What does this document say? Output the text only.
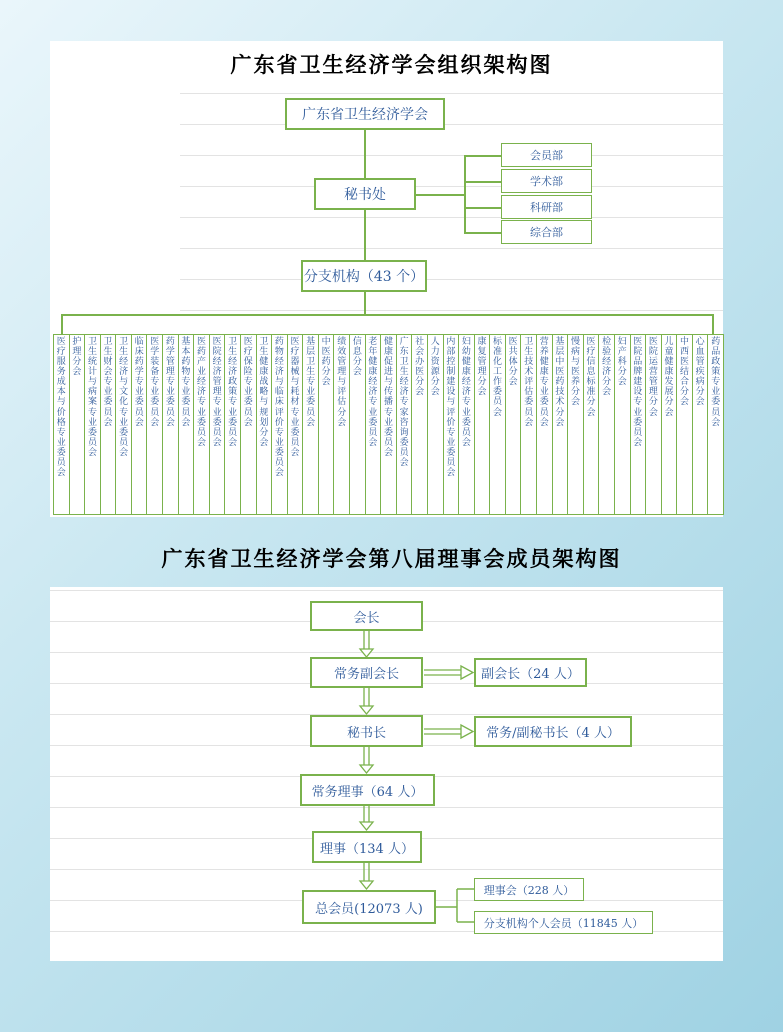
广东省卫生经济学会组织架构图
广东省卫生经济学会
秘书处
会员部
学术部
科研部
综合部
分支机构（43 个）
医
疗
服
务
成
本
与
价
格
专
业
委
员
会
护
理
分
会
卫
生
统
计
与
病
案
专
业
委
员
会
卫
生
财
会
专
业
委
员
会
卫
生
经
济
与
文
化
专
业
委
员
会
临
床
药
学
专
业
委
员
会
医
学
装
备
专
业
委
员
会
药
学
管
理
专
业
委
员
会
基
本
药
物
专
业
委
员
会
医
药
产
业
经
济
专
业
委
员
会
医
院
经
济
管
理
专
业
委
员
会
卫
生
经
济
政
策
专
业
委
员
会
医
疗
保
险
专
业
委
员
会
卫
生
健
康
战
略
与
规
划
分
会
药
物
经
济
与
临
床
评
价
专
业
委
员
会
医
疗
器
械
与
耗
材
专
业
委
员
会
基
层
卫
生
专
业
委
员
会
中
医
药
分
会
绩
效
管
理
与
评
估
分
会
信
息
分
会
老
年
健
康
经
济
专
业
委
员
会
健
康
促
进
与
传
播
专
业
委
员
会
广
东
卫
生
经
济
专
家
咨
询
委
员
会
社
会
办
医
分
会
人
力
资
源
分
会
内
部
控
制
建
设
与
评
价
专
业
委
员
会
妇
幼
健
康
经
济
专
业
委
员
会
康
复
管
理
分
会
标
准
化
工
作
委
员
会
医
共
体
分
会
卫
生
技
术
评
估
委
员
会
营
养
健
康
专
业
委
员
会
基
层
中
医
药
技
术
分
会
慢
病
与
医
养
分
会
医
疗
信
息
标
准
分
会
检
验
经
济
分
会
妇
产
科
分
会
医
院
品
牌
建
设
专
业
委
员
会
医
院
运
营
管
理
分
会
儿
童
健
康
发
展
分
会
中
西
医
结
合
分
会
心
血
管
疾
病
分
会
药
品
政
策
专
业
委
员
会
广东省卫生经济学会第八届理事会成员架构图
会长
常务副会长	副会长（24 人）
秘书长	常务/副秘书长（4 人）
常务理事（64 人）
理事（134 人）
总会员(12073 人)
理事会（228 人）
分支机构个人会员（11845 人）
